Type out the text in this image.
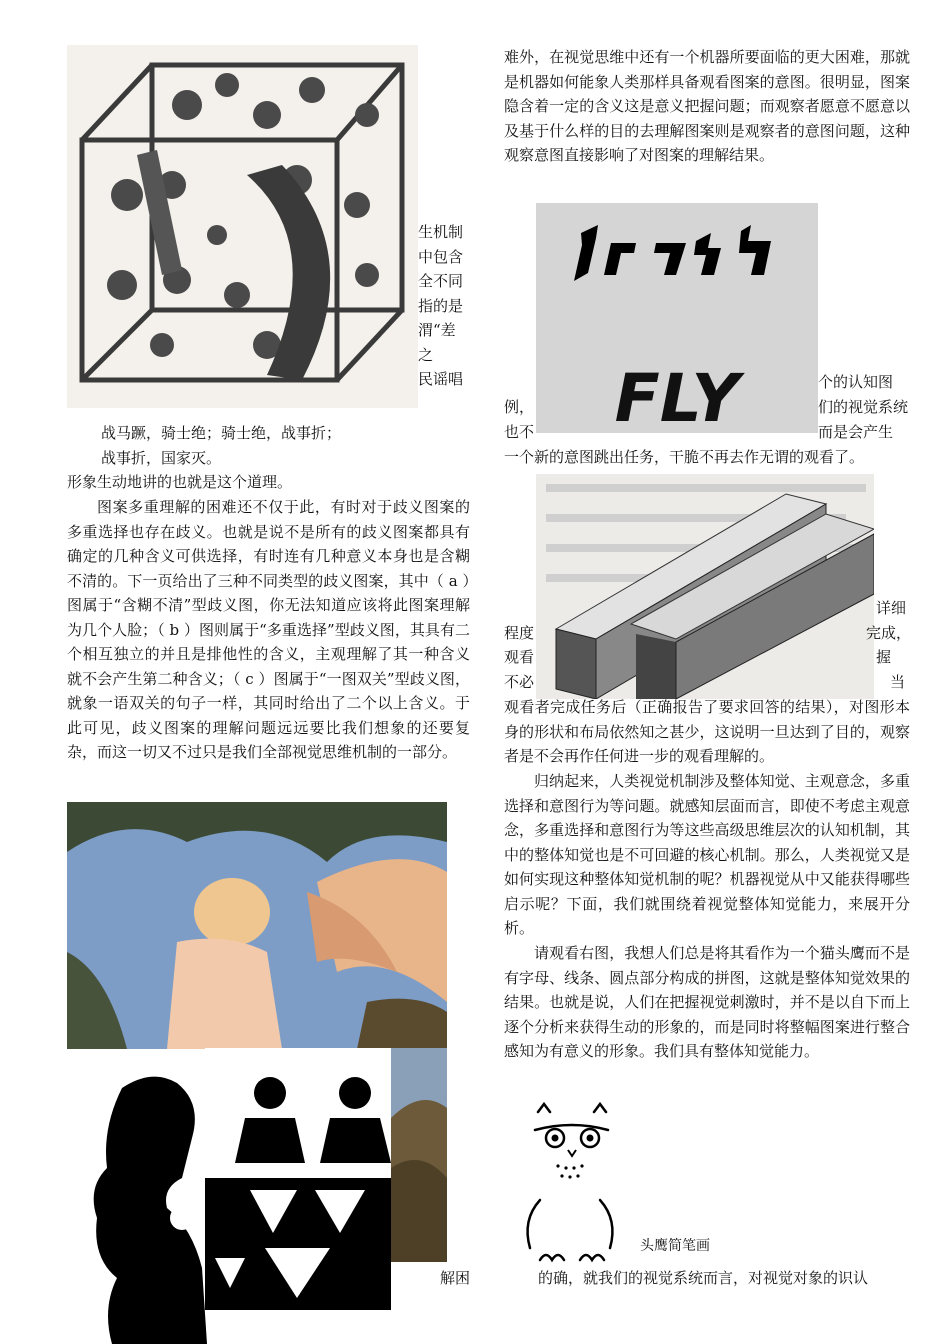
生机制

中包含

全不同

指的是

渭“差之

民谣唱

战马蹶，骑士绝；骑士绝，战事折；

战事折，国家灭。

形象生动地讲的也就是这个道理。

图案多重理解的困难还不仅于此，有时对于歧义图案的多重选择也存在歧义。也就是说不是所有的歧义图案都具有确定的几种含义可供选择，有时连有几种意义本身也是含糊不清的。下一页给出了三种不同类型的歧义图案，其中（ a ）图属于“含糊不清”型歧义图，你无法知道应该将此图案理解为几个人脸；（ b ）图则属于“多重选择”型歧义图，其具有二个相互独立的并且是排他性的含义，主观理解了其一种含义就不会产生第二种含义；（ c ）图属于“一图双关”型歧义图，就象一语双关的句子一样，其同时给出了二个以上含义。于此可见，歧义图案的理解问题远远要比我们想象的还要复杂，而这一切又不过只是我们全部视觉思维机制的一部分。

解困

难外，在视觉思维中还有一个机器所要面临的更大困难，那就是机器如何能象人类那样具备观看图案的意图。很明显，图案隐含着一定的含义这是意义把握问题；而观察者愿意不愿意以及基于什么样的目的去理解图案则是观察者的意图问题，这种观察意图直接影响了对图案的理解结果。

FLY	个的认知图
例，	们的视觉系统
也不	而是会产生
一个新的意图跳出任务，干脆不再去作无谓的观看了。
详细
程度	完成，
观看	握
不必	当

观看者完成任务后（正确报告了要求回答的结果），对图形本身的形状和布局依然知之甚少，这说明一旦达到了目的，观察者是不会再作任何进一步的观看理解的。

归纳起来，人类视觉机制涉及整体知觉、主观意念，多重选择和意图行为等问题。就感知层面而言，即使不考虑主观意念，多重选择和意图行为等这些高级思维层次的认知机制，其中的整体知觉也是不可回避的核心机制。那么，人类视觉又是如何实现这种整体知觉机制的呢？机器视觉从中又能获得哪些启示呢？下面，我们就围绕着视觉整体知觉能力，来展开分析。

请观看右图，我想人们总是将其看作为一个猫头鹰而不是有字母、线条、圆点部分构成的拼图，这就是整体知觉效果的结果。也就是说，人们在把握视觉刺激时，并不是以自下而上逐个分析来获得生动的形象的，而是同时将整幅图案进行整合感知为有意义的形象。我们具有整体知觉能力。

头鹰简笔画

的确，就我们的视觉系统而言，对视觉对象的识认
